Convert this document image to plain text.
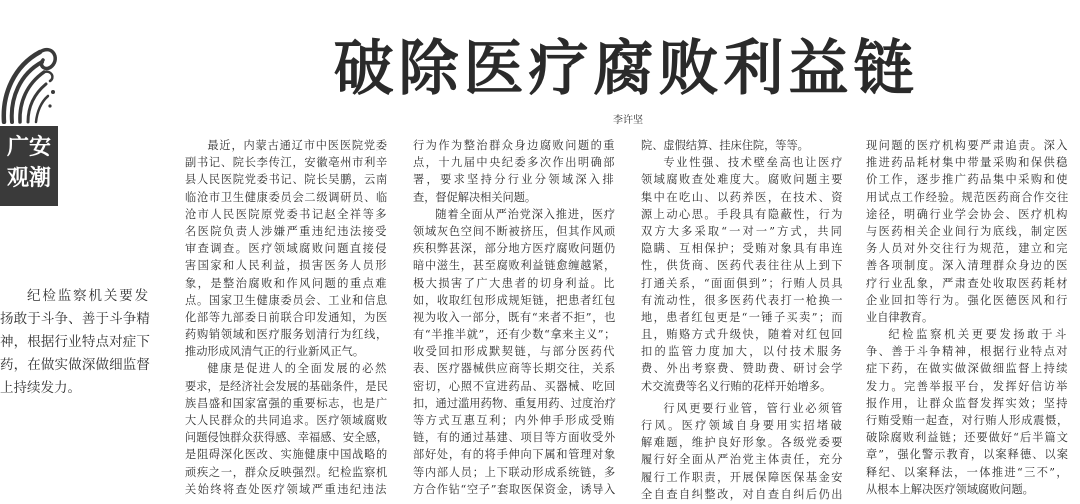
广安
观潮
纪检监察机关要发
扬敢于斗争、善于斗争精
神，根据行业特点对症下
药，在做实做深做细监督
上持续发力。
破除医疗腐败利益链
李许坚
最近，内蒙古通辽市中医医院党委
副书记、院长李传江，安徽亳州市利辛
县人民医院党委书记、院长吴鹏，云南
临沧市卫生健康委员会二级调研员、临
沧市人民医院原党委书记赵全祥等多
名医院负责人涉嫌严重违纪违法接受
审查调查。医疗领域腐败问题直接侵
害国家和人民利益，损害医务人员形
象，是整治腐败和作风问题的重点难
点。国家卫生健康委员会、工业和信息
化部等九部委日前联合印发通知，为医
药购销领域和医疗服务划清行为红线，
推动形成风清气正的行业新风正气。
健康是促进人的全面发展的必然
要求，是经济社会发展的基础条件，是民
族昌盛和国家富强的重要标志，也是广
大人民群众的共同追求。医疗领域腐败
问题侵蚀群众获得感、幸福感、安全感，
是阻碍深化医改、实施健康中国战略的
顽疾之一，群众反映强烈。纪检监察机
关始终将查处医疗领域严重违纪违法
行为作为整治群众身边腐败问题的重
点，十九届中央纪委多次作出明确部
署，要求坚持分行业分领域深入排
查，督促解决相关问题。
随着全面从严治党深入推进，医疗
领域灰色空间不断被挤压，但其作风顽
疾积弊甚深，部分地方医疗腐败问题仍
暗中滋生，甚至腐败利益链愈缠越紧，
极大损害了广大患者的切身利益。比
如，收取红包形成规矩链，把患者红包
视为收入一部分，既有“来者不拒”，也
有“半推半就”，还有少数“拿来主义”；
收受回扣形成默契链，与部分医药代
表、医疗器械供应商等长期交往，关系
密切，心照不宣进药品、买器械、吃回
扣，通过滥用药物、重复用药、过度治疗
等方式互惠互利；内外伸手形成受贿
链，有的通过基建、项目等方面收受外
部好处，有的将手伸向下属和管理对象
等内部人员；上下联动形成系统链，多
方合作钻“空子”套取医保资金，诱导入
院、虚假结算、挂床住院，等等。
专业性强、技术壁垒高也让医疗
领域腐败查处难度大。腐败问题主要
集中在吃山、以药养医，在技术、资
源上动心思。手段具有隐蔽性，行为
双方大多采取“一对一”方式，共同
隐瞒、互相保护；受贿对象具有串连
性，供货商、医药代表往往从上到下
打通关系，“面面俱到”；行贿人员具
有流动性，很多医药代表打一枪换一
地，患者红包更是“一锤子买卖”；而
且，贿赂方式升级快，随着对红包回
扣的监管力度加大，以付技术服务
费、外出考察费、赞助费、研讨会学
术交流费等名义行贿的花样开始增多。
行风更要行业管，管行业必须管
行风。医疗领域自身要用实招堵破
解难题，维护良好形象。各级党委要
履行好全面从严治党主体责任，充分
履行工作职责，开展保障医保基金安
全自查自纠整改，对自查自纠后仍出
现问题的医疗机构要严肃追责。深入
推进药品耗材集中带量采购和保供稳
价工作，逐步推广药品集中采购和使
用试点工作经验。规范医药商合作交往
途径，明确行业学会协会、医疗机构
与医药相关企业间行为底线，制定医
务人员对外交往行为规范，建立和完
善各项制度。深入清理群众身边的医
疗行业乱象，严肃查处收取医药耗材
企业回扣等行为。强化医德医风和行
业自律教育。
纪检监察机关更要发扬敢于斗
争、善于斗争精神，根据行业特点对
症下药，在做实做深做细监督上持续
发力。完善举报平台，发挥好信访举
报作用，让群众监督发挥实效；坚持
行贿受贿一起查，对行贿人形成震慑，
破除腐败利益链；还要做好“后半篇文
章”，强化警示教育，以案释德、以案
释纪、以案释法，一体推进“三不”，
从根本上解决医疗领域腐败问题。
